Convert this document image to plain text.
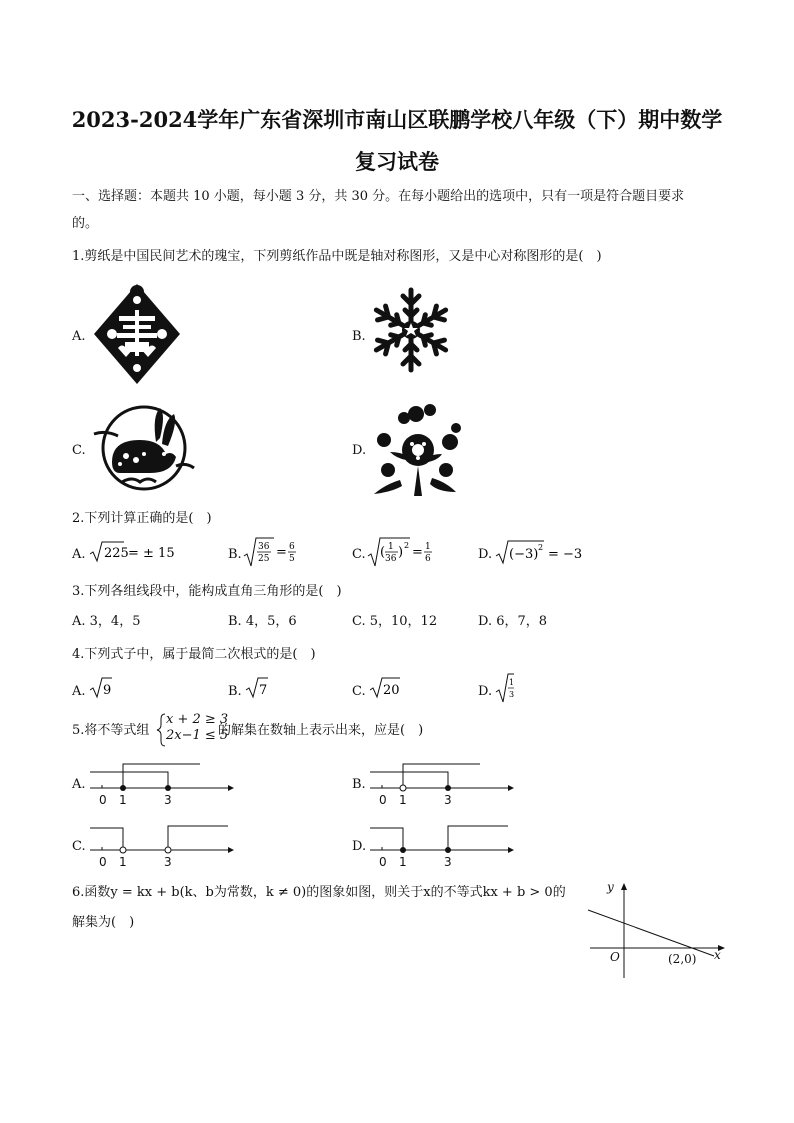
2023-2024学年广东省深圳市南山区联鹏学校八年级（下）期中数学
复习试卷
一、选择题：本题共 10 小题，每小题 3 分，共 30 分。在每小题给出的选项中，只有一项是符合题目要求
的。
1.剪纸是中国民间艺术的瑰宝，下列剪纸作品中既是轴对称图形，又是中心对称图形的是(　)
A.	B.
C.	D.
2.下列计算正确的是(　)
A. 225 = ± 15	B. 36
25 = 6
5	C. ( 1
36 ) 2 = 1
6	D. (−3) 2 = −3
3.下列各组线段中，能构成直角三角形的是(　)
A. 3，4，5	B. 4，5，6	C. 5，10，12	D. 6，7，8
4.下列式子中，属于最简二次根式的是(　)
A. 9	B. 7	C. 20	D.
1
3
5.将不等式组
x + 2 ≥ 3
2x−1 ≤ 5
的解集在数轴上表示出来，应是(　)
A.
0 1	3
B.
0 1	3
C.
0 1	3
D.
0 1	3
6.函数y = kx + b(k、b为常数，k ≠ 0)的图象如图，则关于x的不等式kx + b > 0的
解集为(　)
y
x
O	(2,0)
